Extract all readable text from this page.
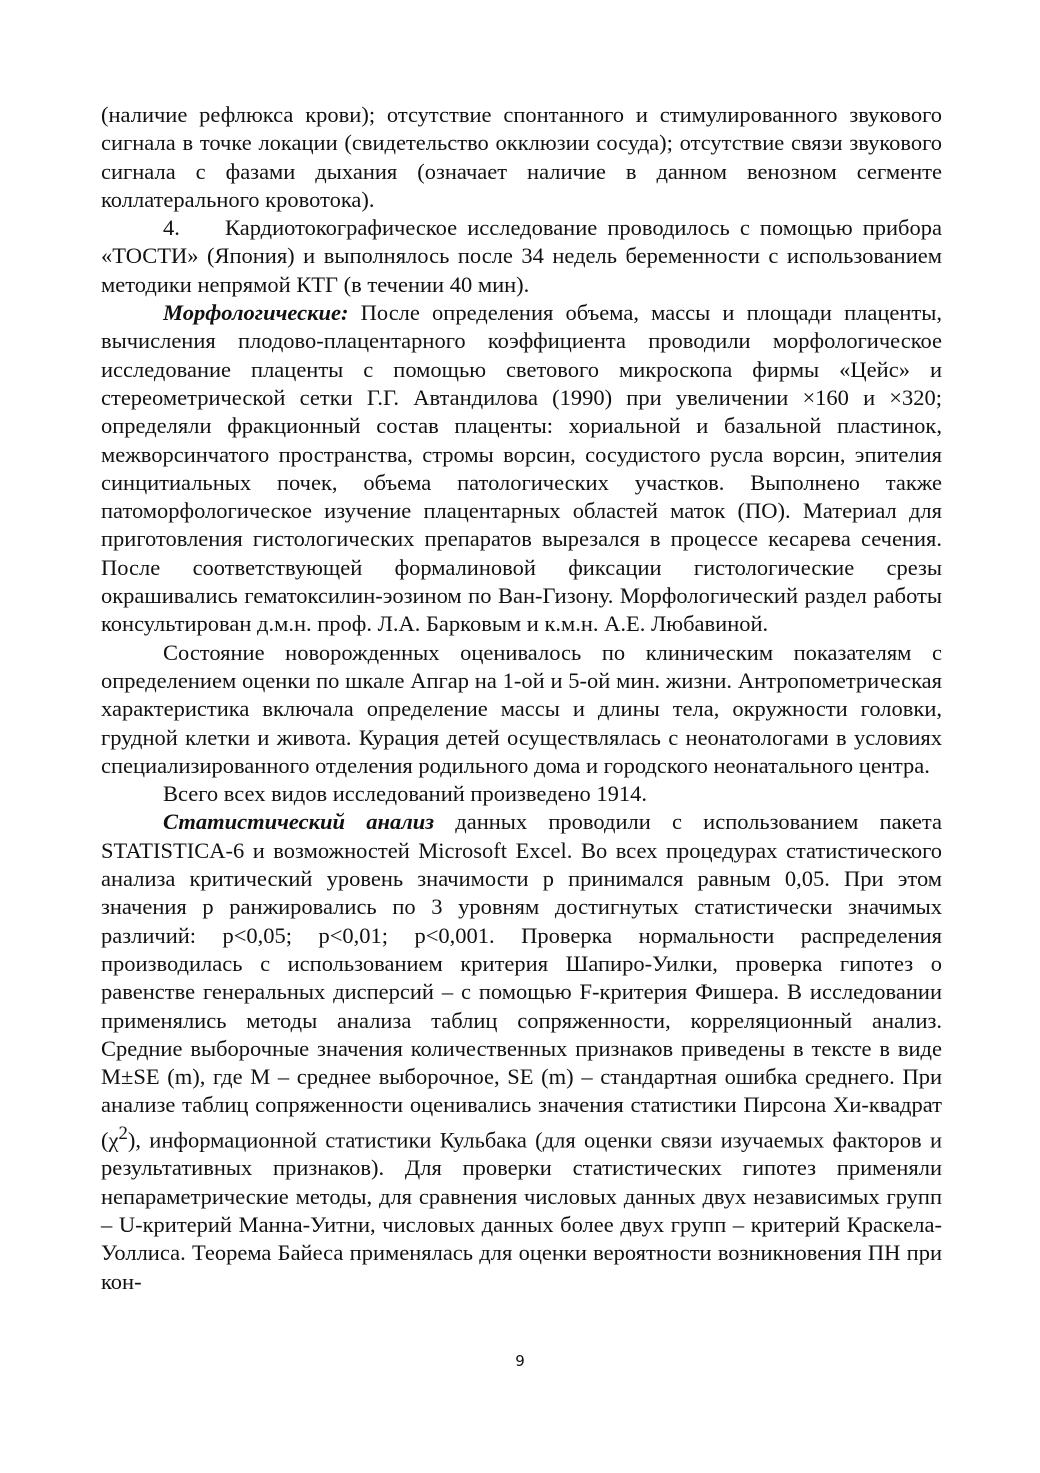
(наличие рефлюкса крови); отсутствие спонтанного и стимулированного звукового сигнала в точке локации (свидетельство окклюзии сосуда); отсутствие связи звукового сигнала с фазами дыхания (означает наличие в данном венозном сегменте коллатерального кровотока).

4. Кардиотокографическое исследование проводилось с помощью прибора «ТОСТИ» (Япония) и выполнялось после 34 недель беременности с использованием методики непрямой КТГ (в течении 40 мин).

Морфологические: После определения объема, массы и площади плаценты, вычисления плодово-плацентарного коэффициента проводили морфологическое исследование плаценты с помощью светового микроскопа фирмы «Цейс» и стереометрической сетки Г.Г. Автандилова (1990) при увеличении ×160 и ×320; определяли фракционный состав плаценты: хориальной и базальной пластинок, межворсинчатого пространства, стромы ворсин, сосудистого русла ворсин, эпителия синцитиальных почек, объема патологических участков. Выполнено также патоморфологическое изучение плацентарных областей маток (ПО). Материал для приготовления гистологических препаратов вырезался в процессе кесарева сечения. После соответствующей формалиновой фиксации гистологические срезы окрашивались гематоксилин-эозином по Ван-Гизону. Морфологический раздел работы консультирован д.м.н. проф. Л.А. Барковым и к.м.н. А.Е. Любавиной.

Состояние новорожденных оценивалось по клиническим показателям с определением оценки по шкале Апгар на 1-ой и 5-ой мин. жизни. Антропометрическая характеристика включала определение массы и длины тела, окружности головки, грудной клетки и живота. Курация детей осуществлялась с неонатологами в условиях специализированного отделения родильного дома и городского неонатального центра.

Всего всех видов исследований произведено 1914.

Статистический анализ данных проводили с использованием пакета STATISTICA-6 и возможностей Microsoft Excel. Во всех процедурах статистического анализа критический уровень значимости p принимался равным 0,05. При этом значения p ранжировались по 3 уровням достигнутых статистически значимых различий: p<0,05; p<0,01; p<0,001. Проверка нормальности распределения производилась с использованием критерия Шапиро-Уилки, проверка гипотез о равенстве генеральных дисперсий – с помощью F-критерия Фишера. В исследовании применялись методы анализа таблиц сопряженности, корреляционный анализ. Средние выборочные значения количественных признаков приведены в тексте в виде M±SE (m), где M – среднее выборочное, SE (m) – стандартная ошибка среднего. При анализе таблиц сопряженности оценивались значения статистики Пирсона Хи-квадрат $(\chi^2)$, информационной статистики Кульбака (для оценки связи изучаемых факторов и результативных признаков). Для проверки статистических гипотез применяли непараметрические методы, для сравнения числовых данных двух независимых групп – U-критерий Манна-Уитни, числовых данных более двух групп – критерий Краскела-Уоллиса. Теорема Байеса применялась для оценки вероятности возникновения ПН при кон-

9
